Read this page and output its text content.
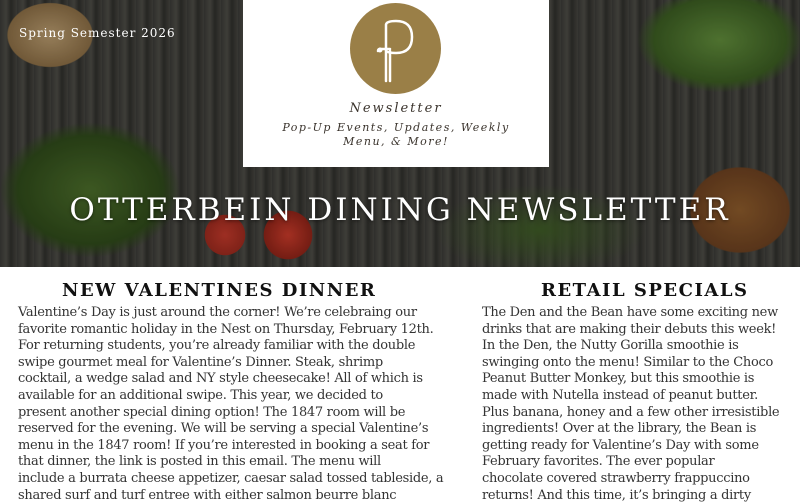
Spring Semester 2026
Newsletter
Pop-Up Events, Updates, Weekly Menu, & More!
OTTERBEIN DINING NEWSLETTER
NEW VALENTINES DINNER
Valentine’s Day is just around the corner! We’re celebraing our
favorite romantic holiday in the Nest on Thursday, February 12th.
For returning students, you’re already familiar with the double
swipe gourmet meal for Valentine’s Dinner. Steak, shrimp
cocktail, a wedge salad and NY style cheesecake! All of which is
available for an additional swipe. This year, we decided to
present another special dining option! The 1847 room will be
reserved for the evening. We will be serving a special Valentine’s
menu in the 1847 room! If you’re interested in booking a seat for
that dinner, the link is posted in this email. The menu will
include a burrata cheese appetizer, caesar salad tossed tableside, a
shared surf and turf entree with either salmon beurre blanc
RETAIL SPECIALS
The Den and the Bean have some exciting new
drinks that are making their debuts this week!
In the Den, the Nutty Gorilla smoothie is
swinging onto the menu! Similar to the Choco
Peanut Butter Monkey, but this smoothie is
made with Nutella instead of peanut butter.
Plus banana, honey and a few other irresistible
ingredients! Over at the library, the Bean is
getting ready for Valentine’s Day with some
February favorites. The ever popular
chocolate covered strawberry frappuccino
returns! And this time, it’s bringing a dirty
